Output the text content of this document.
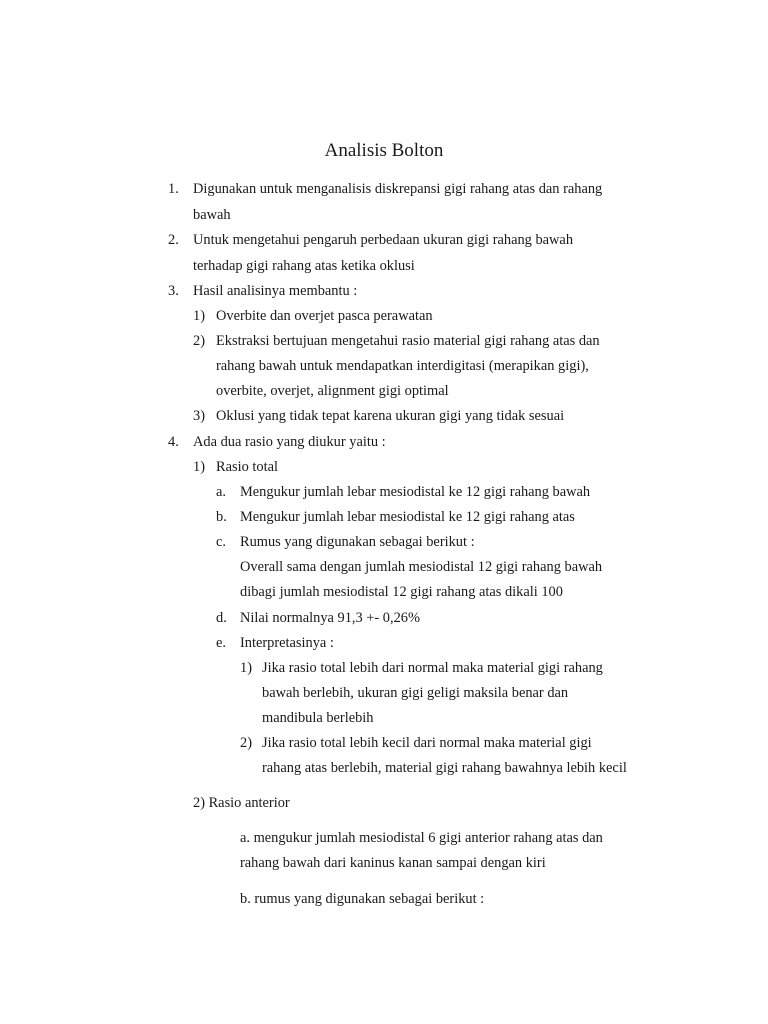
Analisis Bolton
1. Digunakan untuk menganalisis diskrepansi gigi rahang atas dan rahang
bawah
2. Untuk mengetahui pengaruh perbedaan ukuran gigi rahang bawah
terhadap gigi rahang atas ketika oklusi
3. Hasil analisinya membantu :
1) Overbite dan overjet pasca perawatan
2) Ekstraksi bertujuan mengetahui rasio material gigi rahang atas dan
rahang bawah untuk mendapatkan interdigitasi (merapikan gigi),
overbite, overjet, alignment gigi optimal
3) Oklusi yang tidak tepat karena ukuran gigi yang tidak sesuai
4. Ada dua rasio yang diukur yaitu :
1) Rasio total
a. Mengukur jumlah lebar mesiodistal ke 12 gigi rahang bawah
b. Mengukur jumlah lebar mesiodistal ke 12 gigi rahang atas
c. Rumus yang digunakan sebagai berikut :
Overall sama dengan jumlah mesiodistal 12 gigi rahang bawah
dibagi jumlah mesiodistal 12 gigi rahang atas dikali 100
d. Nilai normalnya 91,3 +- 0,26%
e. Interpretasinya :
1) Jika rasio total lebih dari normal maka material gigi rahang
bawah berlebih, ukuran gigi geligi maksila benar dan
mandibula berlebih
2) Jika rasio total lebih kecil dari normal maka material gigi
rahang atas berlebih, material gigi rahang bawahnya lebih kecil
2) Rasio anterior
a. mengukur jumlah mesiodistal 6 gigi anterior rahang atas dan
rahang bawah dari kaninus kanan sampai dengan kiri
b. rumus yang digunakan sebagai berikut :
